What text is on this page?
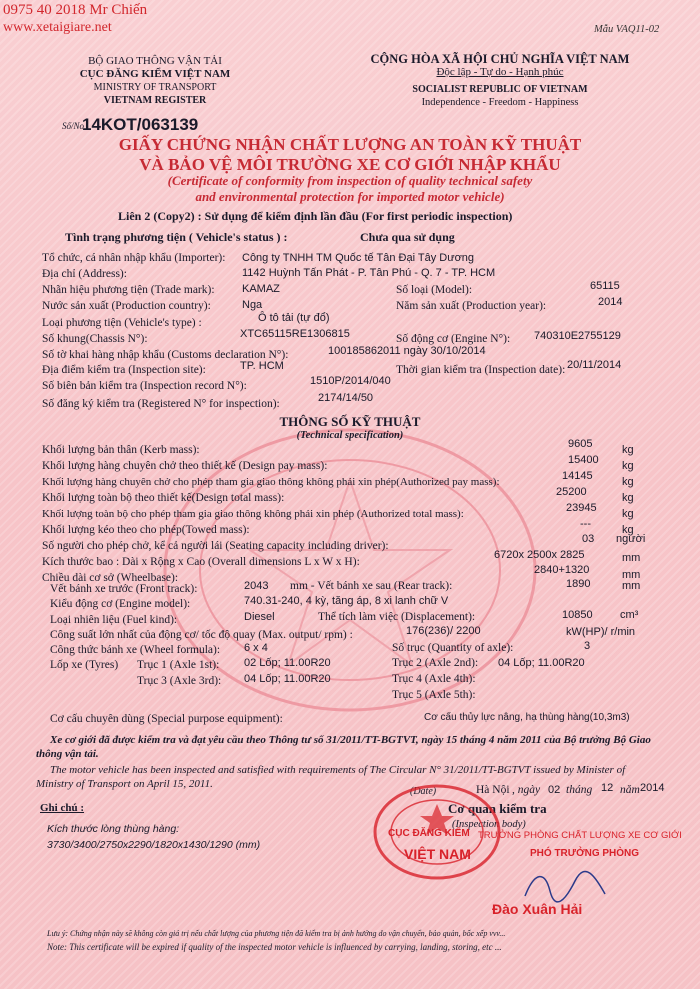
0975 40 2018 Mr Chiến
www.xetaigiare.net	Mẫu VAQ11-02
BỘ GIAO THÔNG VẬN TẢI
CỤC ĐĂNG KIỂM VIỆT NAM
MINISTRY OF TRANSPORT
VIETNAM REGISTER
CỘNG HÒA XÃ HỘI CHỦ NGHĨA VIỆT NAM
Độc lập - Tự do - Hạnh phúc
SOCIALIST REPUBLIC OF VIETNAM
Independence - Freedom - Happiness
Số/No
14KOT/063139
GIẤY CHỨNG NHẬN CHẤT LƯỢNG AN TOÀN KỸ THUẬT
VÀ BẢO VỆ MÔI TRƯỜNG XE CƠ GIỚI NHẬP KHẨU
(Certificate of conformity from inspection of quality technical safety
and environmental protection for imported motor vehicle)
Liên 2 (Copy2) : Sử dụng để kiểm định lần đầu (For first periodic inspection)
Tình trạng phương tiện ( Vehicle's status ) :	Chưa qua sử dụng
Tổ chức, cá nhân nhập khẩu (Importer): Công ty TNHH TM Quốc tế Tân Đại Tây Dương
Địa chỉ (Address):	1142 Huỳnh Tấn Phát - P. Tân Phú - Q. 7 - TP. HCM
Nhãn hiệu phương tiện (Trade mark): KAMAZ	Số loại (Model):	65115
Nước sản xuất (Production country):	Nga	Năm sản xuất (Production year):	2014
Loại phương tiện (Vehicle's type) :	Ô tô tải (tự đổ)
Số khung(Chassis N°):	XTC65115RE1306815	Số động cơ (Engine N°): 740310E2755129
Số tờ khai hàng nhập khẩu (Customs declaration N°):	100185862011 ngày 30/10/2014
Địa điểm kiểm tra (Inspection site):	TP. HCM	Thời gian kiểm tra (Inspection date): 20/11/2014
Số biên bản kiểm tra (Inspection record N°):	1510P/2014/040
Số đăng ký kiểm tra (Registered N° for inspection):	2174/14/50
THÔNG SỐ KỸ THUẬT
(Technical specification)
Khối lượng bản thân (Kerb mass):	9605	kg
Khối lượng hàng chuyên chở theo thiết kế (Design pay mass):	15400 kg
Khối lượng hàng chuyên chở cho phép tham gia giao thông không phải xin phép(Authorized pay mass):	14145	kg
Khối lượng toàn bộ theo thiết kế(Design total mass):	25200	kg
Khối lượng toàn bộ cho phép tham gia giao thông không phải xin phép (Authorized total mass):	23945 kg
Khối lượng kéo theo cho phép(Towed mass):	---	kg
Số người cho phép chở, kể cả người lái (Seating capacity including driver):
03 người
Kích thước bao : Dài x Rộng x Cao (Overall dimensions L x W x H):
6720x 2500x 2825	mm
Chiều dài cơ sở (Wheelbase):
2840+1320	mm
Vết bánh xe trước (Front track):	2043 mm - Vết bánh xe sau (Rear track):	1890	mm
Kiểu động cơ (Engine model):	740.31-240, 4 kỳ, tăng áp, 8 xi lanh chữ V
Loại nhiên liệu (Fuel kind):	Diesel	Thể tích làm việc (Displacement):	10850 cm³
Công suất lớn nhất của động cơ/ tốc độ quay (Max. output/ rpm) :	176(236)/ 2200	kW(HP)/ r/min
Công thức bánh xe (Wheel formula): 6 x 4	Số trục (Quantity of axle):	3
Lốp xe (Tyres) Trục 1 (Axle 1st): 02 Lốp; 11.00R20	Trục 2 (Axle 2nd): 04 Lốp; 11.00R20
Trục 3 (Axle 3rd): 04 Lốp; 11.00R20	Trục 4 (Axle 4th):
Trục 5 (Axle 5th):
Cơ cấu chuyên dùng (Special purpose equipment):	Cơ cấu thủy lực nâng, hạ thùng hàng(10,3m3)
Xe cơ giới đã được kiểm tra và đạt yêu cầu theo Thông tư số 31/2011/TT-BGTVT, ngày 15 tháng 4 năm 2011 của Bộ trưởng Bộ Giao thông vận tải.
The motor vehicle has been inspected and satisfied with requirements of The Circular N° 31/2011/TT-BGTVT issued by Minister of Ministry of Transport on April 15, 2011.
(Date)	Hà Nội , ngày 02 tháng 12 năm 2014
Cơ quan kiểm tra
(Inspection body)
CỤC ĐĂNG KIỂM
VIỆT NAM
TRƯỞNG PHÒNG CHẤT LƯỢNG XE CƠ GIỚI
PHÓ TRƯỞNG PHÒNG
Đào Xuân Hải
Ghi chú :
Kích thước lòng thùng hàng:
3730/3400/2750x2290/1820x1430/1290 (mm)
Lưu ý: Chứng nhận này sẽ không còn giá trị nếu chất lượng của phương tiện đã kiểm tra bị ảnh hưởng do vận chuyển, bảo quản, bốc xếp vvv...
Note: This certificate will be expired if quality of the inspected motor vehicle is influenced by carrying, landing, storing, etc ...
